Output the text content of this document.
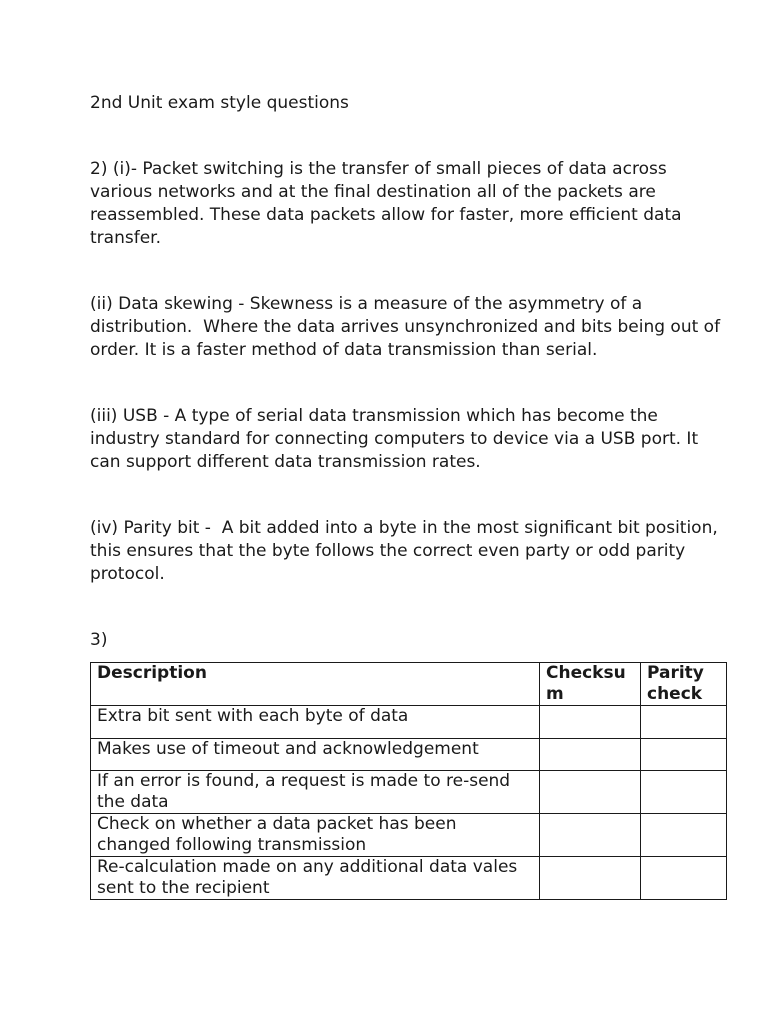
2nd Unit exam style questions

2) (i)- Packet switching is the transfer of small pieces of data across various networks and at the final destination all of the packets are reassembled. These data packets allow for faster, more efficient data transfer.

(ii) Data skewing - Skewness is a measure of the asymmetry of a distribution.  Where the data arrives unsynchronized and bits being out of order. It is a faster method of data transmission than serial.

(iii) USB - A type of serial data transmission which has become the industry standard for connecting computers to device via a USB port. It can support different data transmission rates.

(iv) Parity bit -  A bit added into a byte in the most significant bit position, this ensures that the byte follows the correct even party or odd parity protocol.

3)

Description	Checksum	Parity check
Extra bit sent with each byte of data		
Makes use of timeout and acknowledgement		
If an error is found, a request is made to re-send the data		
Check on whether a data packet has been changed following transmission		
Re-calculation made on any additional data vales sent to the recipient		
